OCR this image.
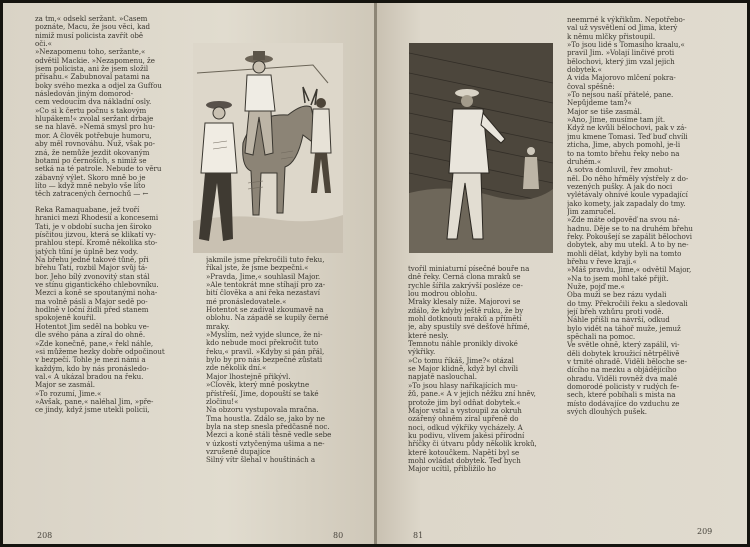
za tm,« odsekl seržant. »Časem
poznáte, Macu, že jsou věci, kad
nimiž musí policista zavřít obě
oči.«
»Nezapomenu toho, seržante,«
odvětil Mackie. »Nezapomenu, že
jsem policista, ani že jsem složil
přísahu.« Zabubnoval patami na
boky svého mezka a odjel za Guffou
následován jiným domorod-
cem vedoucím dva nákladní osly.
»Co si k čertu počnu s takovým
hlupákem!« zvolal seržant drbaje
se na hlavě. »Nemá smysl pro hu-
mor. A člověk potřebuje humoru,
aby měl rovnováhu. Nuž, však po-
zná, že nemůže jezdit okovaným
botami po černoších, s nimiž se
setká na té patrole. Nebude to věru
zábavný výlet. Skoro mně bo je
líto — když mně nebylo vše líto
těch zatracených černochů — ←
Řeka Ramaquabane, jež tvoří
hranici mezi Rhodesií a koncesemi
Tati, je v období sucha jen široko
písčitou jizvou, která se klikatí vy-
prahlou stepí. Kromě několika sto-
jatých tůní je úplně bez vody.
Na břehu jedné takové tůně, při
břehu Tati, rozbil Major svůj tá-
bor. Jeho bílý zvonovitý stan stál
ve stínu gigantického chlebovníku.
Mezci a koně se spoutanými noha-
ma volně pásli a Major sedě po-
hodlně v loční židli před stanem
spokojeně kouřil.
Hotentot Jim seděl na bobku ve-
dle svého pána a zíral do ohně.
»Zde konečně, pane,« řekl náhle,
»si můžeme hezky dobře odpočinout
v bezpečí. Tohle je mezi námi a
každým, kdo by nás pronásledo-
val.« A ukázal bradou na řeku.
Major se zasmál.
»To rozumí, Jime.«
»Avšak, pane,« naléhal Jim, »pře-
ce jindy, když jsme utekli policii,
jakmile jsme překročili tuto řeku,
říkal jste, že jsme bezpečni.«
»Pravda, Jime,« souhlasil Major.
»Ale tentokrát mne stíhají pro za-
bití člověka a ani řeka nezastaví
mé pronásledovatele.«
Hotentot se zadíval zkoumavě na
oblohu. Na západě se kupily černé
mraky.
»Myslím, než vyjde slunce, že ni-
kdo nebude moci překročit tuto
řeku,« pravil. »Kdyby si pán přál,
bylo by pro nás bezpečné zůstati
zde několik dní.«
Major lhostejně přikývl.
»Člověk, který mně poskytne
přístřeší, Jime, dopouští se také
zločinu!«
Na obzoru vystupovala mračna.
Tma houstla. Zdálo se, jako by ne
byla na step snesla předčasně noc.
Mezci a koně stáli těsně vedle sebe
v úzkostí vztyčenýma ušima a ne-
vzrušeně dupajíce
Silný vítr šlehal v houštinách a
208	80
tvořil miniaturní písečné bouře na
dně řeky. Černá clona mraků se
rychle šířila zakrývší posléze ce-
lou modrou oblohu.
Mraky klesaly níže. Majorovi se
zdálo, že kdyby ještě ruku, že by
mohl dotknouti mraků a přímětí
je, aby spustily své dešťové hřímé,
které nesly.
Temnotu náhle pronikly divoké
výkřiky.
»Co tomu říkáš, Jime?« otázal
se Major klidně, když byl chvíli
napjatě naslouchal.
»To jsou hlasy naříkajících mu-
žů, pane.« A v jejich něžku zní hněv,
protože jim byl odňat dobytek.«
Major vstal a vystoupil za okruh
ozářený ohněm zíral upřeně do
noci, odkud výkřiky vycházely. A
ku podivu, vlivem jakési přírodní
hříčky či útvaru půdy několik kroků,
které kotoučkem. Napětí byl se
mohl ovládat dobytek. Teď bych
Major ucítil, přibližilo ho
neemrné k výkřikům. Nepotřebo-
val už vysvětlení od Jima, který
k němu mlčky přistoupil.
»To jsou lidé s Tomasiho kraalu,«
pravil Jim. »Volají linčivé proti
bělochovi, který jim vzal jejich
dobytek.«
A vida Majorovo mlčení pokra-
čoval spěšně:
»To nejsou naší přátelé, pane.
Nepůjdeme tam?«
Major se tiše zasmál.
»Ano, Jime, musíme tam jít.
Když ne kvůli bělochovi, pak v zá-
jmu kmene Tomasi. Teď buď chvíli
zticha, Jime, abych pomohl, je-li
to na tomto břehu řeky nebo na
druhém.«
A sotva domluvil, řev zmohut-
něl. Do něho hřměly výstřely z do-
vezených pušky. A jak do noci
vylétávaly ohnivé koule vypadající
jako komety, jak zapadaly do tmy.
Jim zamručel.
»Zde máte odpověď na svou ná-
hadnu. Děje se to na druhém břehu
řeky. Pokoušejí se zapálit bělochovi
dobytek, aby mu utekl. A to by ne-
mohli dělat, kdyby byli na tomto
břehu v řeve kraji.«
»Máš pravdu, Jime,« odvětil Major,
»Na to jsem mohl také přijít.
Nuže, pojď me.«
Oba muži se bez rázu vydali
do tmy. Překročili řeku a sledovali
její břeh vzhůru proti vodě.
Náhle přišli na návrší, odkud
bylo vidět na táhoř muže, jemuž
spěchali na pomoc.
Ve světle ohně, který zapálil, vi-
děli dobytek kroužicí nětrpělivě
v trnité ohradě. Viděli běloche se-
dícího na mezku a objádějícího
ohradu. Viděli rovněž dva malé
domorodé policisty v rudých fe-
sech, které pobíhali s mista na
místo dodávajíce do vzduchu ze
svých dlouhých pušek.
81	209
